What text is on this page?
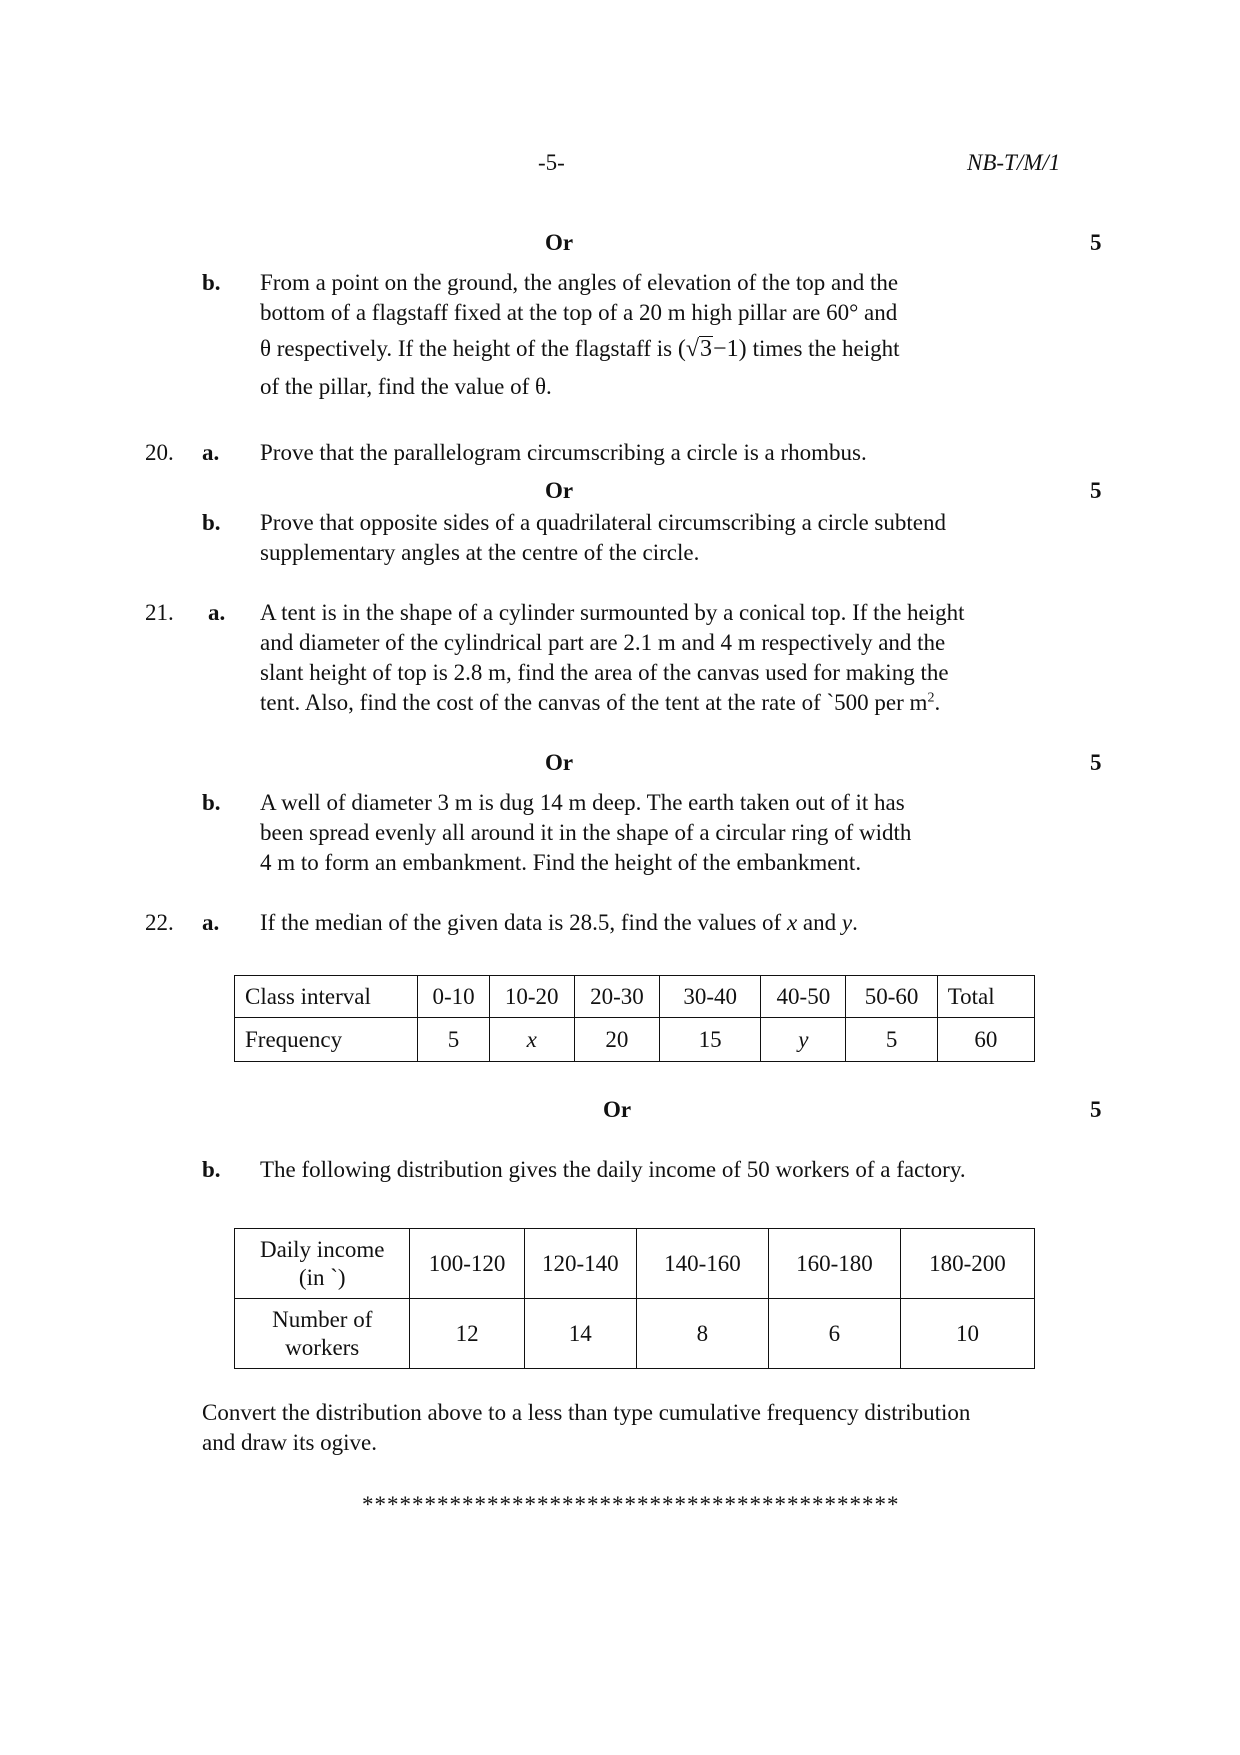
-5-	NB-T/M/1
Or	5
b. From a point on the ground, the angles of elevation of the top and the
bottom of a flagstaff fixed at the top of a 20 m high pillar are 60° and
θ respectively. If the height of the flagstaff is (√3−1) times the height
of the pillar, find the value of θ.
20. a. Prove that the parallelogram circumscribing a circle is a rhombus.
Or	5
b. Prove that opposite sides of a quadrilateral circumscribing a circle subtend
supplementary angles at the centre of the circle.
21. a. A tent is in the shape of a cylinder surmounted by a conical top. If the height
and diameter of the cylindrical part are 2.1 m and 4 m respectively and the
slant height of top is 2.8 m, find the area of the canvas used for making the
tent. Also, find the cost of the canvas of the tent at the rate of `500 per $m^2$.
Or	5
b. A well of diameter 3 m is dug 14 m deep. The earth taken out of it has
been spread evenly all around it in the shape of a circular ring of width
4 m to form an embankment. Find the height of the embankment.
22. a. If the median of the given data is 28.5, find the values of x and y.
Class interval	0-10	10-20	20-30	30-40	40-50	50-60	Total
Frequency	5	x	20	15	y	5	60
Or	5
b. The following distribution gives the daily income of 50 workers of a factory.
Daily income
(in `)	100-120	120-140	140-160	160-180	180-200

Number of
workers	12	14	8	6	10
Convert the distribution above to a less than type cumulative frequency distribution
and draw its ogive.
*******************************************
